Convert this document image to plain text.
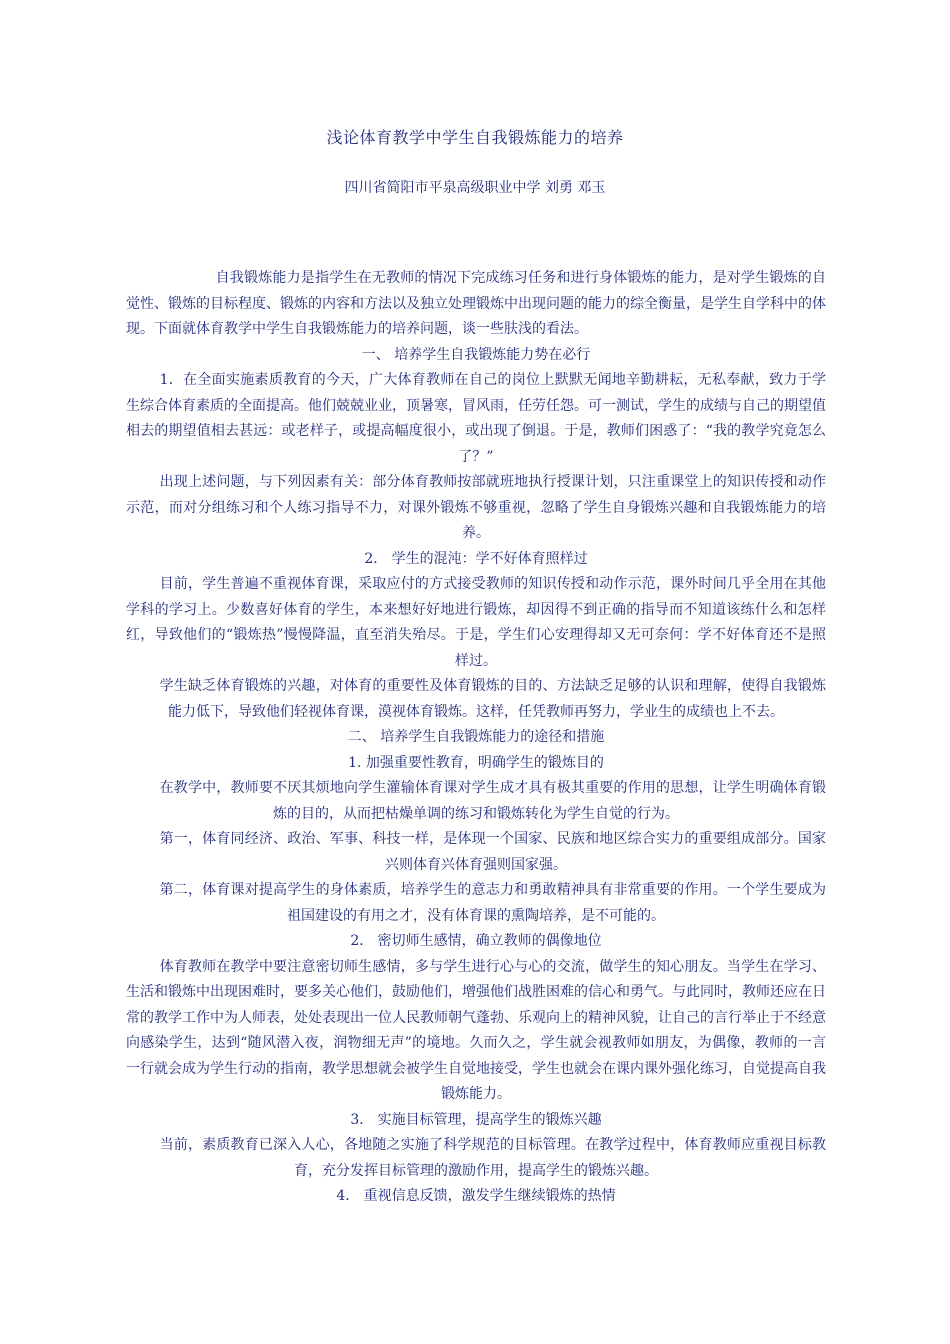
浅论体育教学中学生自我锻炼能力的培养
四川省简阳市平泉高级职业中学 刘勇 邓玉

自我锻炼能力是指学生在无教师的情况下完成练习任务和进行身体锻炼的能力，是对学生锻炼的自觉性、锻炼的目标程度、锻炼的内容和方法以及独立处理锻炼中出现问题的能力的综全衡量，是学生自学科中的体现。下面就体育教学中学生自我锻炼能力的培养问题，谈一些肤浅的看法。

一、 培养学生自我锻炼能力势在必行

1．在全面实施素质教育的今天，广大体育教师在自己的岗位上默默无闻地辛勤耕耘，无私奉献，致力于学生综合体育素质的全面提高。他们兢兢业业，顶暑寒，冒风雨，任劳任怨。可一测试，学生的成绩与自己的期望值相去的期望值相去甚远：或老样子，或提高幅度很小，或出现了倒退。于是，教师们困惑了：“我的教学究竟怎么了？”

出现上述问题，与下列因素有关：部分体育教师按部就班地执行授课计划，只注重课堂上的知识传授和动作示范，而对分组练习和个人练习指导不力，对课外锻炼不够重视，忽略了学生自身锻炼兴趣和自我锻炼能力的培养。

2． 学生的混沌：学不好体育照样过

目前，学生普遍不重视体育课，采取应付的方式接受教师的知识传授和动作示范，课外时间几乎全用在其他学科的学习上。少数喜好体育的学生，本来想好好地进行锻炼，却因得不到正确的指导而不知道该练什么和怎样红，导致他们的“锻炼热”慢慢降温，直至消失殆尽。于是，学生们心安理得却又无可奈何：学不好体育还不是照样过。

学生缺乏体育锻炼的兴趣，对体育的重要性及体育锻炼的目的、方法缺乏足够的认识和理解，使得自我锻炼能力低下，导致他们轻视体育课，漠视体育锻炼。这样，任凭教师再努力，学业生的成绩也上不去。

二、 培养学生自我锻炼能力的途径和措施

1. 加强重要性教育，明确学生的锻炼目的

在教学中，教师要不厌其烦地向学生灌输体育课对学生成才具有极其重要的作用的思想，让学生明确体育锻炼的目的，从而把枯燥单调的练习和锻炼转化为学生自觉的行为。

第一，体育同经济、政治、军事、科技一样，是体现一个国家、民族和地区综合实力的重要组成部分。国家兴则体育兴体育强则国家强。

第二，体育课对提高学生的身体素质，培养学生的意志力和勇敢精神具有非常重要的作用。一个学生要成为祖国建设的有用之才，没有体育课的熏陶培养，是不可能的。

2． 密切师生感情，确立教师的偶像地位

体育教师在教学中要注意密切师生感情，多与学生进行心与心的交流，做学生的知心朋友。当学生在学习、生活和锻炼中出现困难时，要多关心他们，鼓励他们，增强他们战胜困难的信心和勇气。与此同时，教师还应在日常的教学工作中为人师表，处处表现出一位人民教师朝气蓬勃、乐观向上的精神风貌，让自己的言行举止于不经意向感染学生，达到“随风潜入夜，润物细无声”的境地。久而久之，学生就会视教师如朋友，为偶像，教师的一言一行就会成为学生行动的指南，教学思想就会被学生自觉地接受，学生也就会在课内课外强化练习，自觉提高自我锻炼能力。

3． 实施目标管理，提高学生的锻炼兴趣

当前，素质教育已深入人心，各地随之实施了科学规范的目标管理。在教学过程中，体育教师应重视目标教育，充分发挥目标管理的激励作用，提高学生的锻炼兴趣。

4． 重视信息反馈，激发学生继续锻炼的热情
